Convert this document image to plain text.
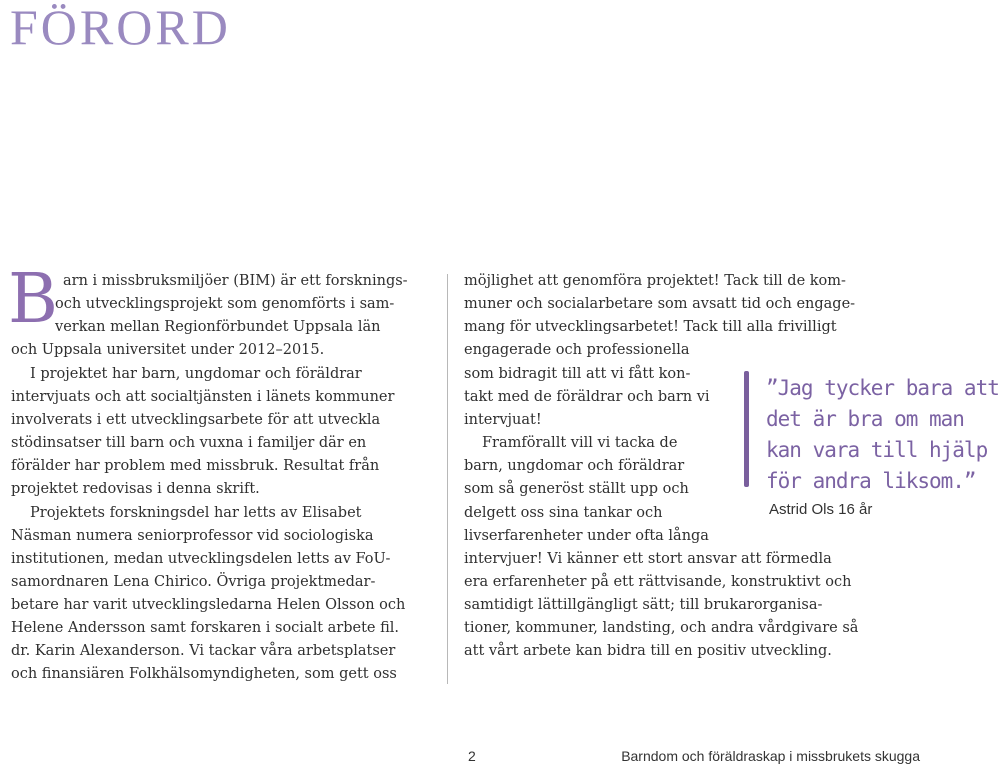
FÖRORD
B arn i missbruksmiljöer (BIM) är ett forsknings-
och utvecklingsprojekt som genomförts i sam-
verkan mellan Regionförbundet Uppsala län
och Uppsala universitet under 2012–2015.
I projektet har barn, ungdomar och föräldrar
intervjuats och att socialtjänsten i länets kommuner
involverats i ett utvecklingsarbete för att utveckla
stödinsatser till barn och vuxna i familjer där en
förälder har problem med missbruk. Resultat från
projektet redovisas i denna skrift.
Projektets forskningsdel har letts av Elisabet
Näsman numera seniorprofessor vid sociologiska
institutionen, medan utvecklingsdelen letts av FoU-
samordnaren Lena Chirico. Övriga projektmedar-
betare har varit utvecklingsledarna Helen Olsson och
Helene Andersson samt forskaren i socialt arbete fil.
dr. Karin Alexanderson. Vi tackar våra arbetsplatser
och finansiären Folkhälsomyndigheten, som gett oss
möjlighet att genomföra projektet! Tack till de kom-
muner och socialarbetare som avsatt tid och engage-
mang för utvecklingsarbetet! Tack till alla frivilligt
engagerade och professionella
som bidragit till att vi fått kon-
takt med de föräldrar och barn vi
intervjuat!
Framförallt vill vi tacka de
barn, ungdomar och föräldrar
som så generöst ställt upp och
delgett oss sina tankar och
livserfarenheter under ofta långa
intervjuer! Vi känner ett stort ansvar att förmedla
era erfarenheter på ett rättvisande, konstruktivt och
samtidigt lättillgängligt sätt; till brukarorganisa-
tioner, kommuner, landsting, och andra vårdgivare så
att vårt arbete kan bidra till en positiv utveckling.
”Jag tycker bara att
det är bra om man
kan vara till hjälp
för andra liksom.”
Astrid Ols 16 år
2	Barndom och föräldraskap i missbrukets skugga
